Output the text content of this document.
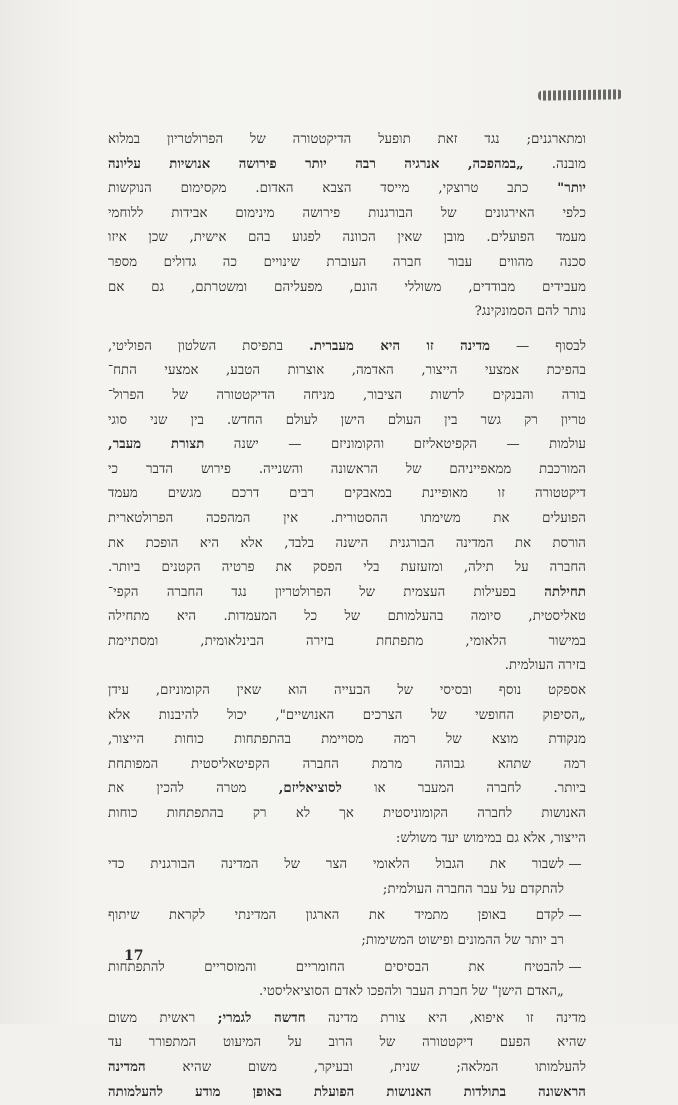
ומתארגנים; נגד זאת תופעל הדיקטטורה של הפרולטריון במלוא
מובנה. „במהפכה, אנרגיה רבה יותר פירושה אנושיות עליונה
יותר" כתב טרוצקי, מייסד הצבא האדום. מקסימום הנוקשות
כלפי האירגונים של הבורגנות פירושה מינימום אבידות ללוחמי
מעמד הפועלים. מובן שאין הכוונה לפגוע בהם אישית, שכן איזו
סכנה מהווים עבור חברה העוברת שינויים כה גדולים מספר
מעבידים מבודדים, משוללי הונם, מפעליהם ומשטרתם, גם אם
נותר להם הסמונקינג?
לבסוף — מדינה זו היא מעברית. בתפיסת השלטון הפוליטי,
בהפיכת אמצעי הייצור, האדמה, אוצרות הטבע, אמצעי התח־
בורה והבנקים לרשות הציבור, מניחה הדיקטטורה של הפרול־
טריון רק גשר בין העולם הישן לעולם החדש. בין שני סוגי
עולמות — הקפיטאליזם והקומוניזם — ישנה תצורת מעבר,
המורכבת ממאפייניהם של הראשונה והשנייה. פירוש הדבר כי
דיקטטורה זו מאופיינת במאבקים רבים דרכם מגשים מעמד
הפועלים את משימתו ההסטורית. אין המהפכה הפרולטארית
הורסת את המדינה הבורגנית הישנה בלבד, אלא היא הופכת את
החברה על תילה, ומזעזעת בלי הפסק את פרטיה הקטנים ביותר.
תחילתה בפעילות העצמית של הפרולטריון נגד החברה הקפי־
טאליסטית, סיומה בהעלמותם של כל המעמדות. היא מתחילה
במישור הלאומי, מתפתחת בזירה הבינלאומית, ומסתיימת
בזירה העולמית.
אספקט נוסף ובסיסי של הבעייה הוא שאין הקומוניזם, עידן
„הסיפוק החופשי של הצרכים האנושיים", יכול להיבנות אלא
מנקודת מוצא של רמה מסויימת בהתפתחות כוחות הייצור,
רמה שתהא גבוהה מרמת החברה הקפיטאליסטית המפותחת
ביותר. לחברה המעבר או לסוציאליזם, מטרה להכין את
האנושות לחברה הקומוניסטית אך לא רק בהתפתחות כוחות
הייצור, אלא גם במימוש יעד משולש:
—
לשבור את הגבול הלאומי הצר של המדינה הבורגנית כדי
להתקדם על עבר החברה העולמית;
—
לקדם באופן מתמיד את הארגון המדינתי לקראת שיתוף
רב יותר של ההמונים ופישוט המשימות;
—
להבטיח את הבסיסים החומריים והמוסריים להתפתחות
„האדם הישן" של חברת העבר ולהפכו לאדם הסוציאליסטי.
מדינה זו איפוא, היא צורת מדינה חדשה לגמרי; ראשית משום
שהיא הפעם דיקטטורה של הרוב על המיעוט המתפורר עד
להעלמותו המלאה; שנית, ובעיקר, משום שהיא המדינה
הראשונה בתולדות האנושות הפועלת באופן מודע להעלמותה
17
